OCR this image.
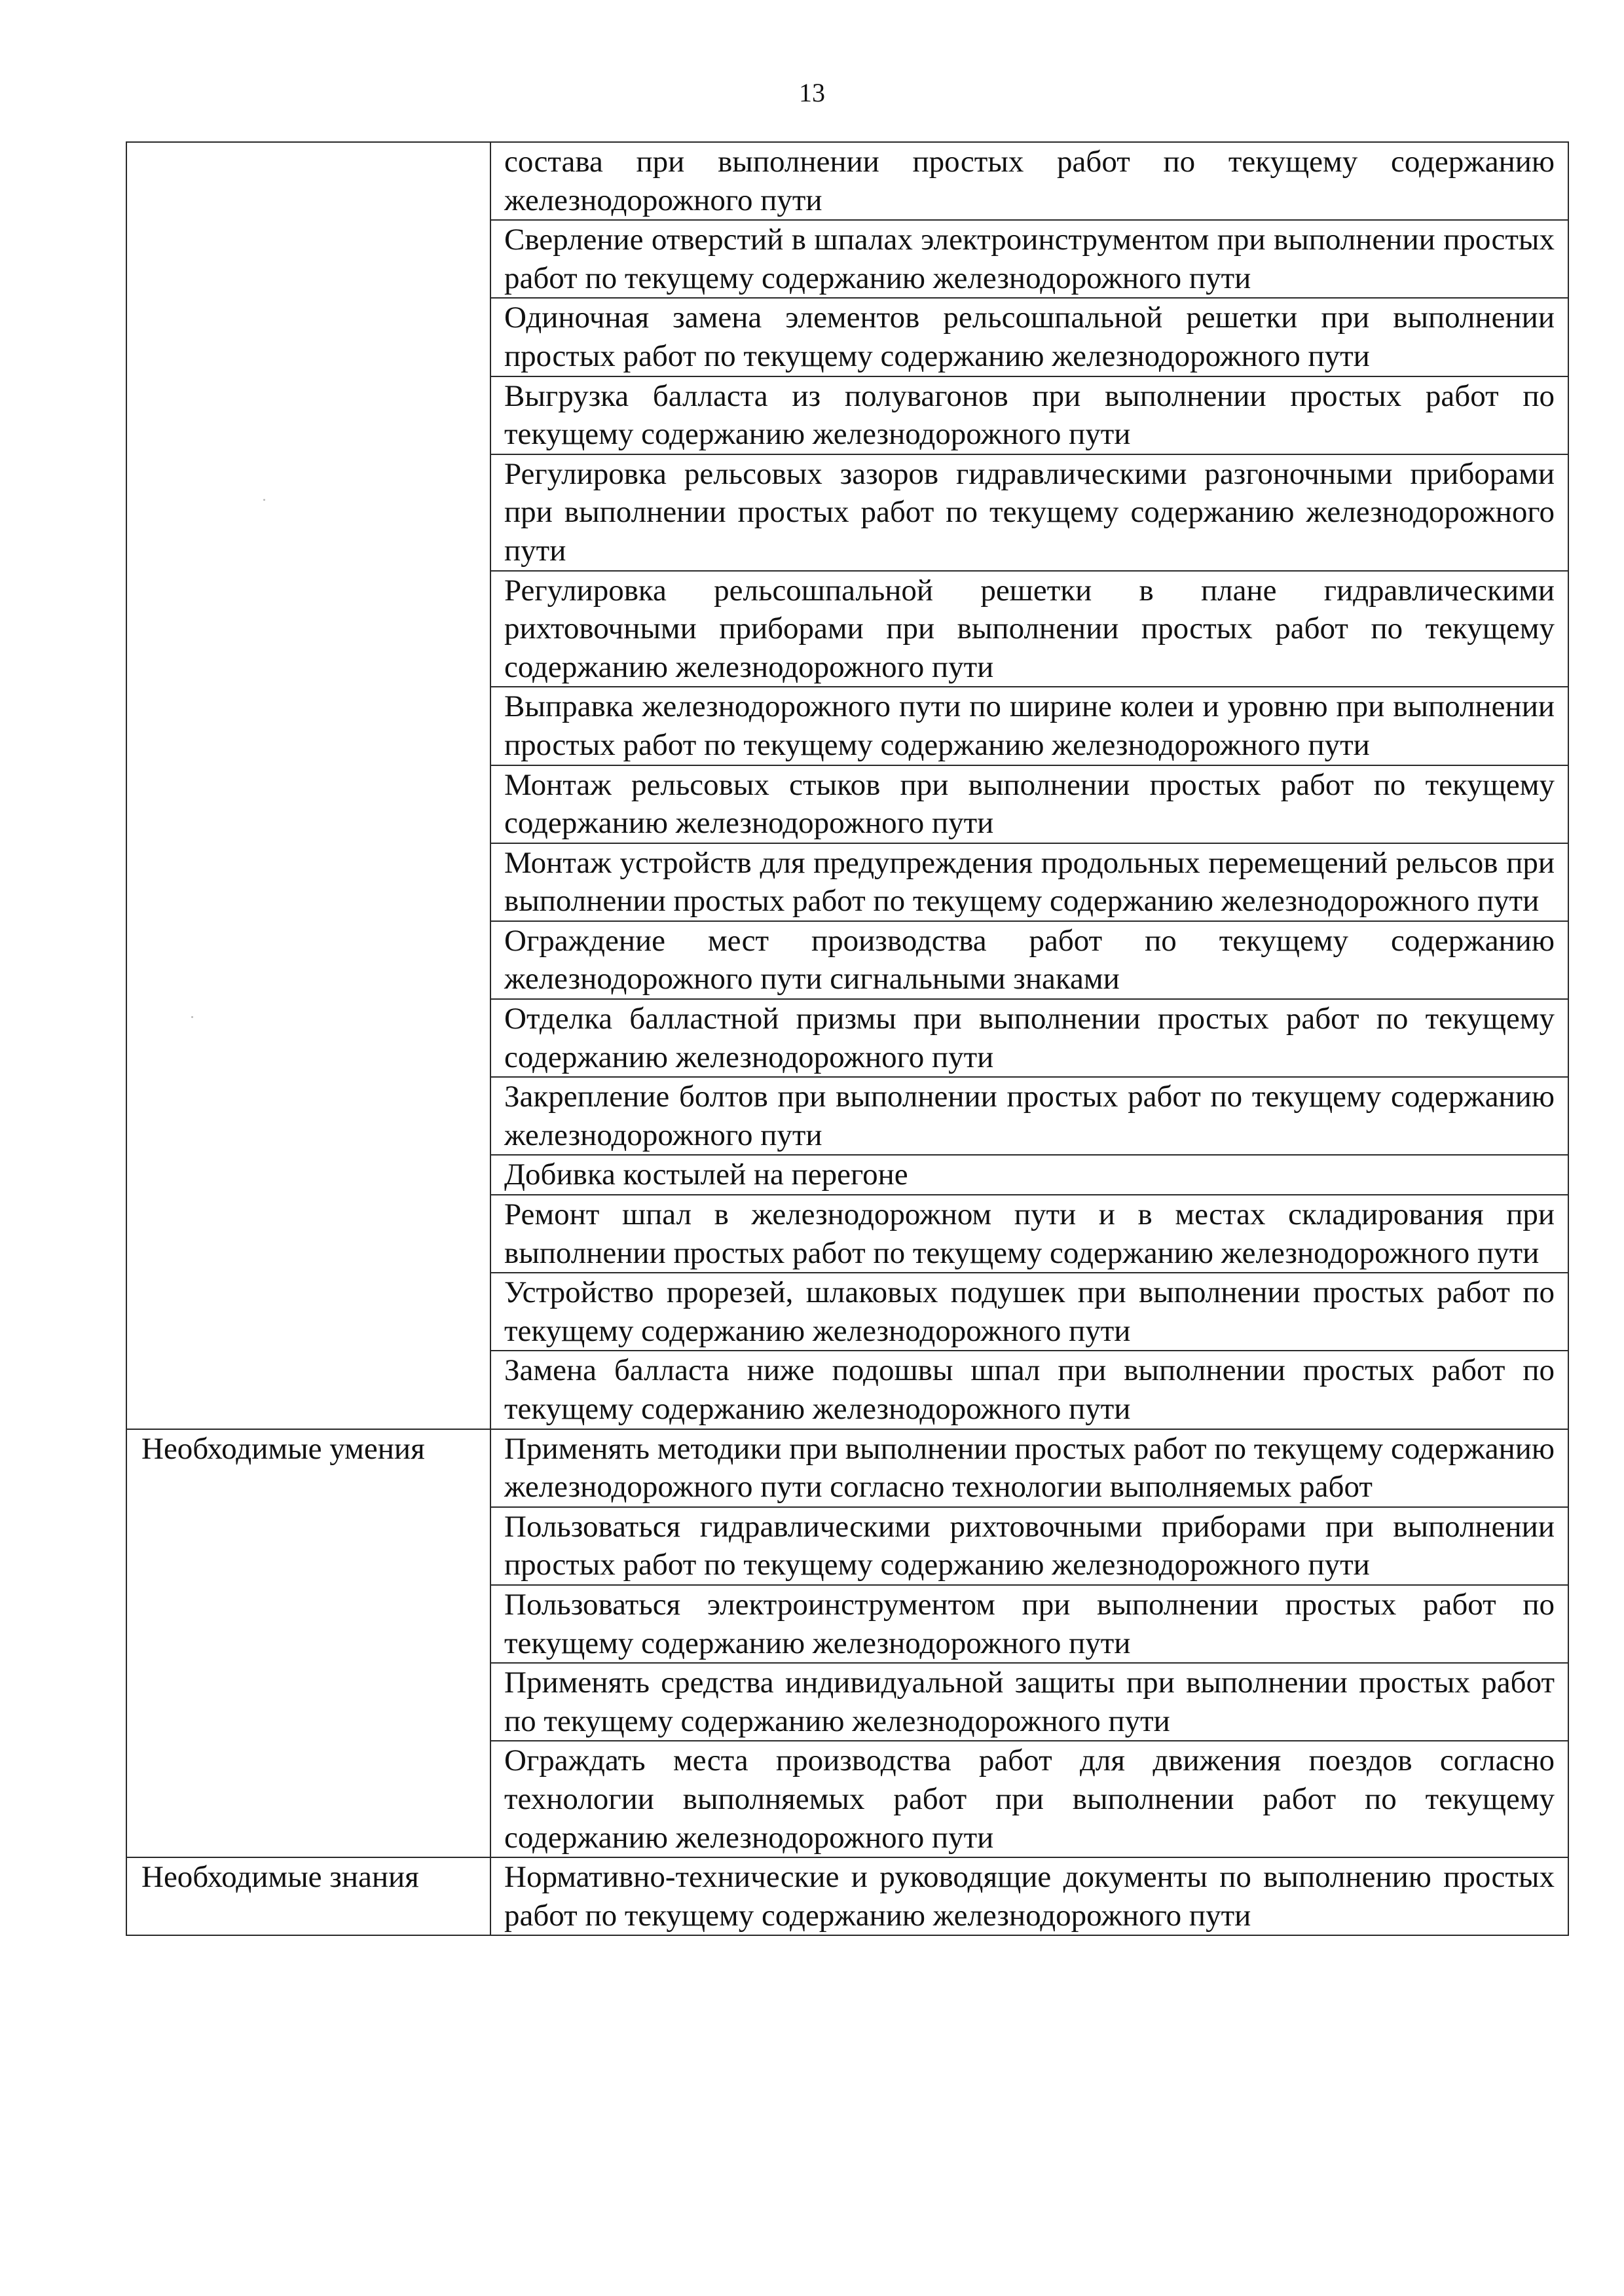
13

	состава при выполнении простых работ по текущему содержанию железнодорожного пути

	Сверление отверстий в шпалах электроинструментом при выполнении простых работ по текущему содержанию железнодорожного пути

	Одиночная замена элементов рельсошпальной решетки при выполнении простых работ по текущему содержанию железнодорожного пути

	Выгрузка балласта из полувагонов при выполнении простых работ по текущему содержанию железнодорожного пути

	Регулировка рельсовых зазоров гидравлическими разгоночными приборами при выполнении простых работ по текущему содержанию железнодорожного пути

	Регулировка рельсошпальной решетки в плане гидравлическими рихтовочными приборами при выполнении простых работ по текущему содержанию железнодорожного пути

	Выправка железнодорожного пути по ширине колеи и уровню при выполнении простых работ по текущему содержанию железнодорожного пути

	Монтаж рельсовых стыков при выполнении простых работ по текущему содержанию железнодорожного пути

	Монтаж устройств для предупреждения продольных перемещений рельсов при выполнении простых работ по текущему содержанию железнодорожного пути

	Ограждение мест производства работ по текущему содержанию железнодорожного пути сигнальными знаками

	Отделка балластной призмы при выполнении простых работ по текущему содержанию железнодорожного пути

	Закрепление болтов при выполнении простых работ по текущему содержанию железнодорожного пути

	Добивка костылей на перегоне

	Ремонт шпал в железнодорожном пути и в местах складирования при выполнении простых работ по текущему содержанию железнодорожного пути

	Устройство прорезей, шлаковых подушек при выполнении простых работ по текущему содержанию железнодорожного пути

	Замена балласта ниже подошвы шпал при выполнении простых работ по текущему содержанию железнодорожного пути

Необходимые умения	Применять методики при выполнении простых работ по текущему содержанию железнодорожного пути согласно технологии выполняемых работ

	Пользоваться гидравлическими рихтовочными приборами при выполнении простых работ по текущему содержанию железнодорожного пути

	Пользоваться электроинструментом при выполнении простых работ по текущему содержанию железнодорожного пути

	Применять средства индивидуальной защиты при выполнении простых работ по текущему содержанию железнодорожного пути

	Ограждать места производства работ для движения поездов согласно технологии выполняемых работ при выполнении работ по текущему содержанию железнодорожного пути

Необходимые знания	Нормативно-технические и руководящие документы по выполнению простых работ по текущему содержанию железнодорожного пути
